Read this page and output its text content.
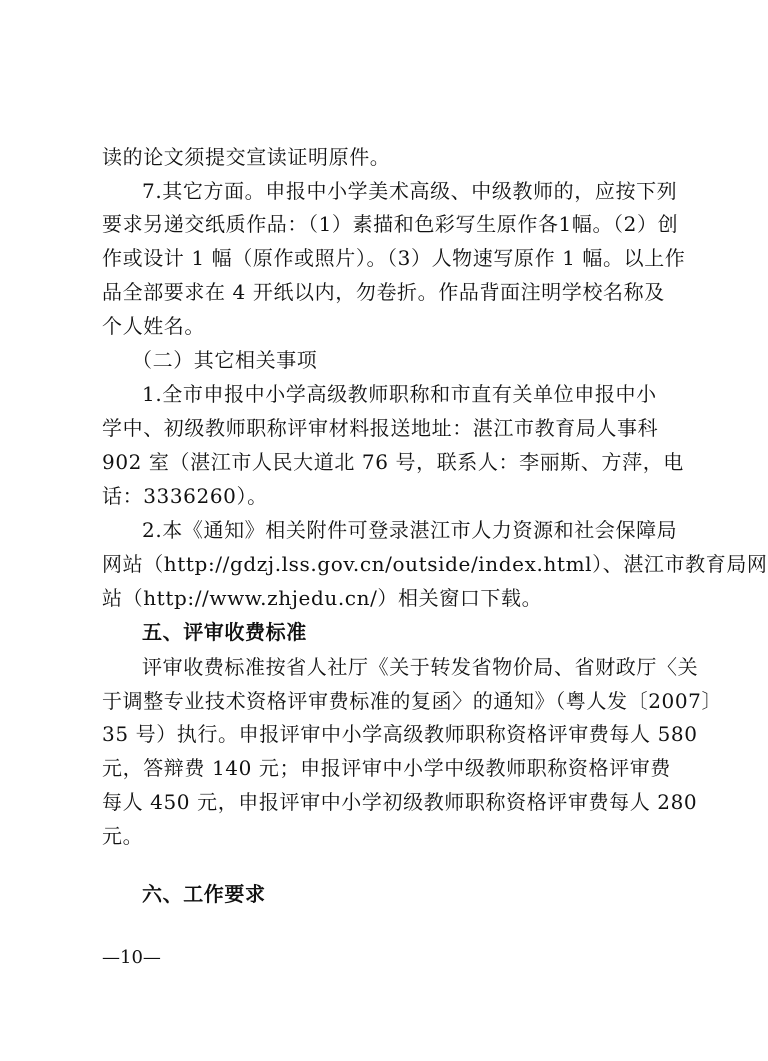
读的论文须提交宣读证明原件。
7.其它方面。申报中小学美术高级、中级教师的，应按下列
要求另递交纸质作品：（1）素描和色彩写生原作各1幅。（2）创
作或设计 1 幅（原作或照片）。（3）人物速写原作 1 幅。以上作
品全部要求在 4 开纸以内，勿卷折。作品背面注明学校名称及
个人姓名。
（二）其它相关事项
1.全市申报中小学高级教师职称和市直有关单位申报中小
学中、初级教师职称评审材料报送地址：湛江市教育局人事科
902 室（湛江市人民大道北 76 号，联系人：李丽斯、方萍，电
话：3336260）。
2.本《通知》相关附件可登录湛江市人力资源和社会保障局
网站（http://gdzj.lss.gov.cn/outside/index.html）、湛江市教育局网
站（http://www.zhjedu.cn/）相关窗口下载。
五、评审收费标准
评审收费标准按省人社厅《关于转发省物价局、省财政厅〈关
于调整专业技术资格评审费标准的复函〉的通知》（粤人发〔2007〕
35 号）执行。申报评审中小学高级教师职称资格评审费每人 580
元，答辩费 140 元；申报评审中小学中级教师职称资格评审费
每人 450 元，申报评审中小学初级教师职称资格评审费每人 280
元。
六、工作要求
—10—
